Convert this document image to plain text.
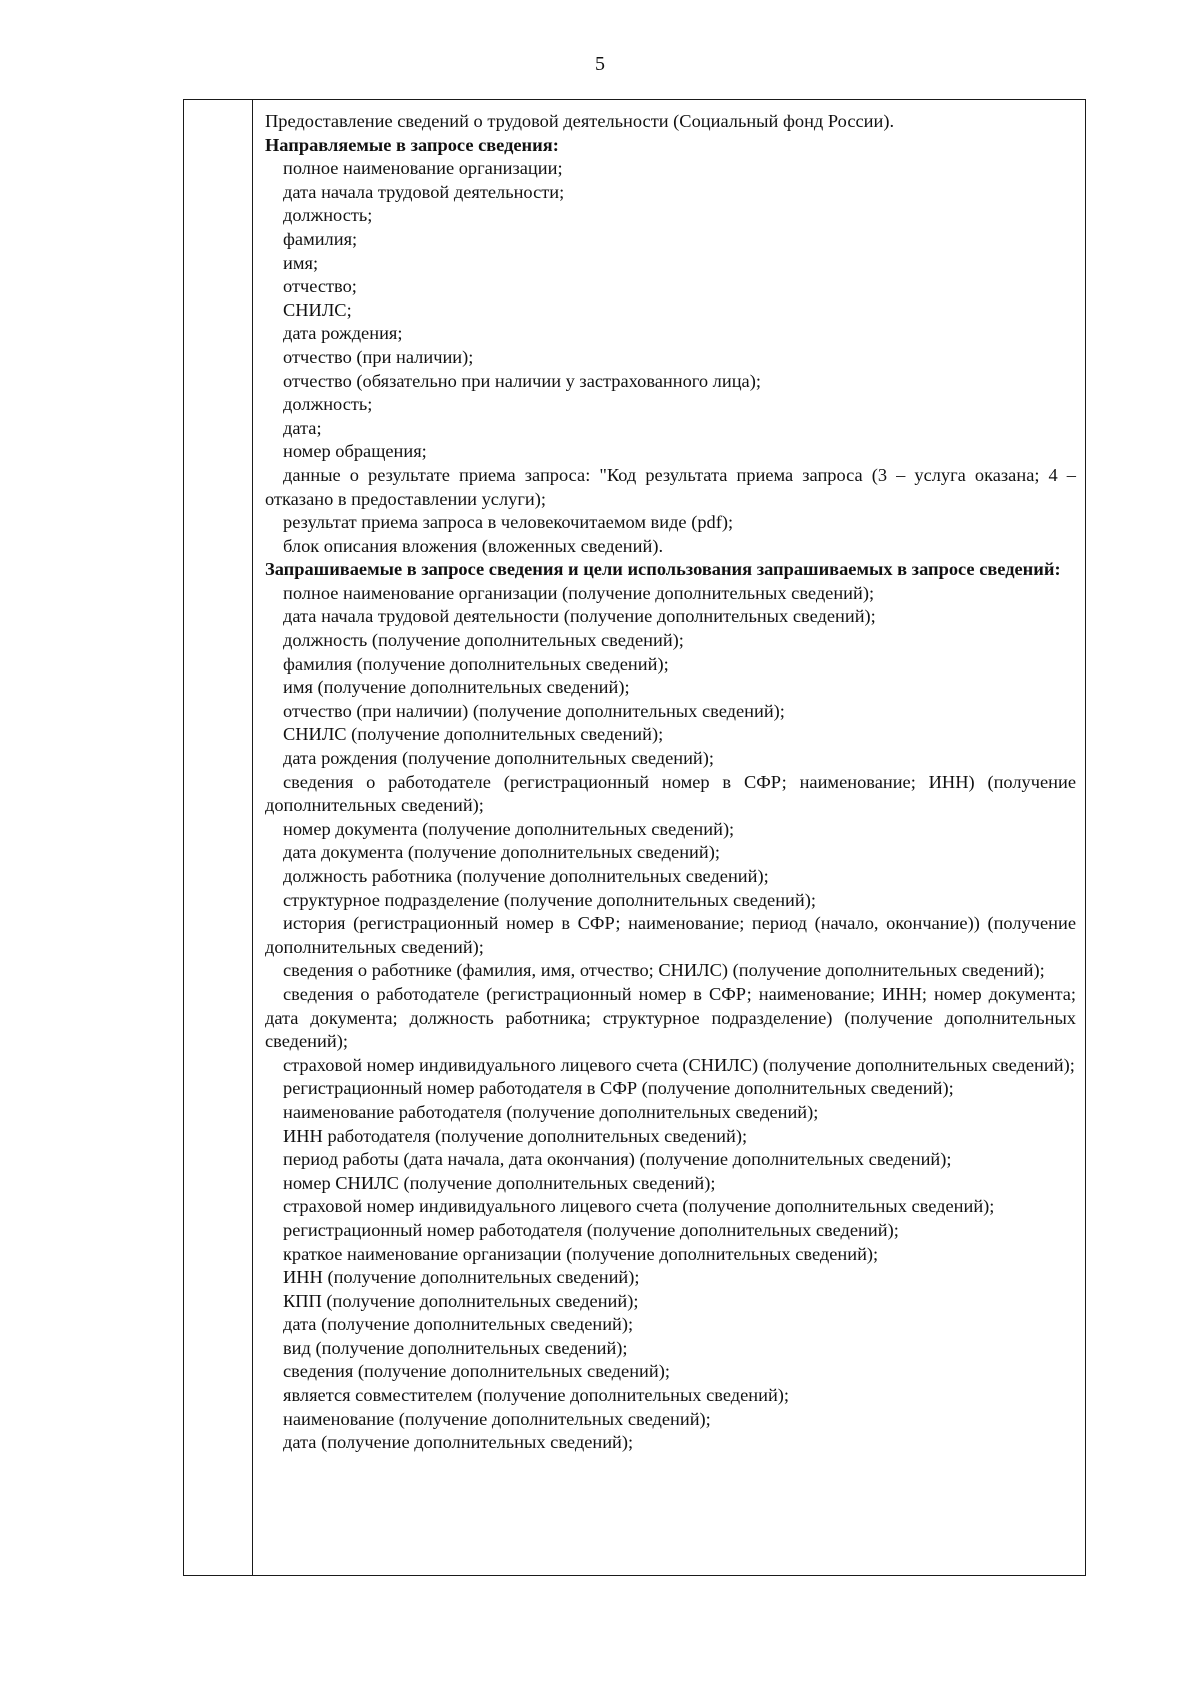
5

Предоставление сведений о трудовой деятельности (Социальный фонд России).

Направляемые в запросе сведения:

полное наименование организации;

дата начала трудовой деятельности;

должность;

фамилия;

имя;

отчество;

СНИЛС;

дата рождения;

отчество (при наличии);

отчество (обязательно при наличии у застрахованного лица);

должность;

дата;

номер обращения;

данные о результате приема запроса: "Код результата приема запроса (3 – услуга оказана; 4 – отказано в предоставлении услуги);

результат приема запроса в человекочитаемом виде (pdf);

блок описания вложения (вложенных сведений).

Запрашиваемые в запросе сведения и цели использования запрашиваемых в запросе сведений:

полное наименование организации (получение дополнительных сведений);

дата начала трудовой деятельности (получение дополнительных сведений);

должность (получение дополнительных сведений);

фамилия (получение дополнительных сведений);

имя (получение дополнительных сведений);

отчество (при наличии) (получение дополнительных сведений);

СНИЛС (получение дополнительных сведений);

дата рождения (получение дополнительных сведений);

сведения о работодателе (регистрационный номер в СФР; наименование; ИНН) (получение дополнительных сведений);

номер документа (получение дополнительных сведений);

дата документа (получение дополнительных сведений);

должность работника (получение дополнительных сведений);

структурное подразделение (получение дополнительных сведений);

история (регистрационный номер в СФР; наименование; период (начало, окончание)) (получение дополнительных сведений);

сведения о работнике (фамилия, имя, отчество; СНИЛС) (получение дополнительных сведений);

сведения о работодателе (регистрационный номер в СФР; наименование; ИНН; номер документа; дата документа; должность работника; структурное подразделение) (получение дополнительных сведений);

страховой номер индивидуального лицевого счета (СНИЛС) (получение дополнительных сведений);

регистрационный номер работодателя в СФР (получение дополнительных сведений);

наименование работодателя (получение дополнительных сведений);

ИНН работодателя (получение дополнительных сведений);

период работы (дата начала, дата окончания) (получение дополнительных сведений);

номер СНИЛС (получение дополнительных сведений);

страховой номер индивидуального лицевого счета (получение дополнительных сведений);

регистрационный номер работодателя (получение дополнительных сведений);

краткое наименование организации (получение дополнительных сведений);

ИНН (получение дополнительных сведений);

КПП (получение дополнительных сведений);

дата (получение дополнительных сведений);

вид (получение дополнительных сведений);

сведения (получение дополнительных сведений);

является совместителем (получение дополнительных сведений);

наименование (получение дополнительных сведений);

дата (получение дополнительных сведений);
